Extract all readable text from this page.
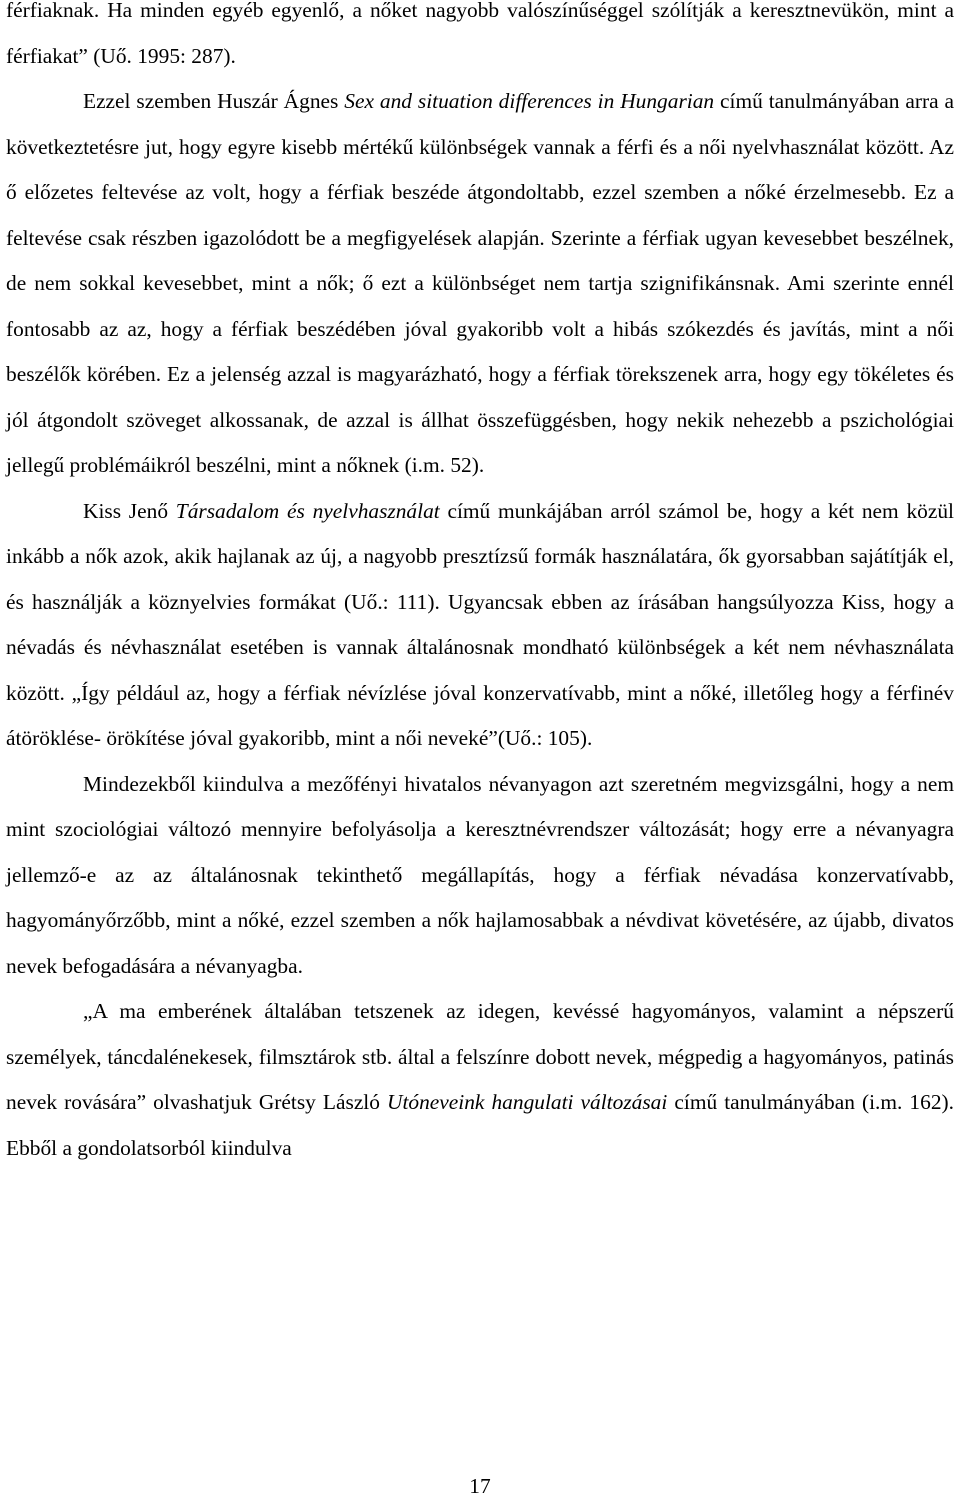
férfiaknak. Ha minden egyéb egyenlő, a nőket nagyobb valószínűséggel szólítják a keresztnevükön, mint a férfiakat” (Uő. 1995: 287).

Ezzel szemben Huszár Ágnes Sex and situation differences in Hungarian című tanulmányában arra a következtetésre jut, hogy egyre kisebb mértékű különbségek vannak a férfi és a női nyelvhasználat között. Az ő előzetes feltevése az volt, hogy a férfiak beszéde átgondoltabb, ezzel szemben a nőké érzelmesebb. Ez a feltevése csak részben igazolódott be a megfigyelések alapján. Szerinte a férfiak ugyan kevesebbet beszélnek, de nem sokkal kevesebbet, mint a nők; ő ezt a különbséget nem tartja szignifikánsnak. Ami szerinte ennél fontosabb az az, hogy a férfiak beszédében jóval gyakoribb volt a hibás szókezdés és javítás, mint a női beszélők körében. Ez a jelenség azzal is magyarázható, hogy a férfiak törekszenek arra, hogy egy tökéletes és jól átgondolt szöveget alkossanak, de azzal is állhat összefüggésben, hogy nekik nehezebb a pszichológiai jellegű problémáikról beszélni, mint a nőknek (i.m. 52).

Kiss Jenő Társadalom és nyelvhasználat című munkájában arról számol be, hogy a két nem közül inkább a nők azok, akik hajlanak az új, a nagyobb presztízsű formák használatára, ők gyorsabban sajátítják el, és használják a köznyelvies formákat (Uő.: 111). Ugyancsak ebben az írásában hangsúlyozza Kiss, hogy a névadás és névhasználat esetében is vannak általánosnak mondható különbségek a két nem névhasználata között. „Így például az, hogy a férfiak névízlése jóval konzervatívabb, mint a nőké, illetőleg hogy a férfinév átöröklése- örökítése jóval gyakoribb, mint a női neveké”(Uő.: 105).

Mindezekből kiindulva a mezőfényi hivatalos névanyagon azt szeretném megvizsgálni, hogy a nem mint szociológiai változó mennyire befolyásolja a keresztnévrendszer változását; hogy erre a névanyagra jellemző-e az az általánosnak tekinthető megállapítás, hogy a férfiak névadása konzervatívabb, hagyományőrzőbb, mint a nőké, ezzel szemben a nők hajlamosabbak a névdivat követésére, az újabb, divatos nevek befogadására a névanyagba.

„A ma emberének általában tetszenek az idegen, kevéssé hagyományos, valamint a népszerű személyek, táncdalénekesek, filmsztárok stb. által a felszínre dobott nevek, mégpedig a hagyományos, patinás nevek rovására” olvashatjuk Grétsy László Utóneveink hangulati változásai című tanulmányában (i.m. 162). Ebből a gondolatsorból kiindulva

17
